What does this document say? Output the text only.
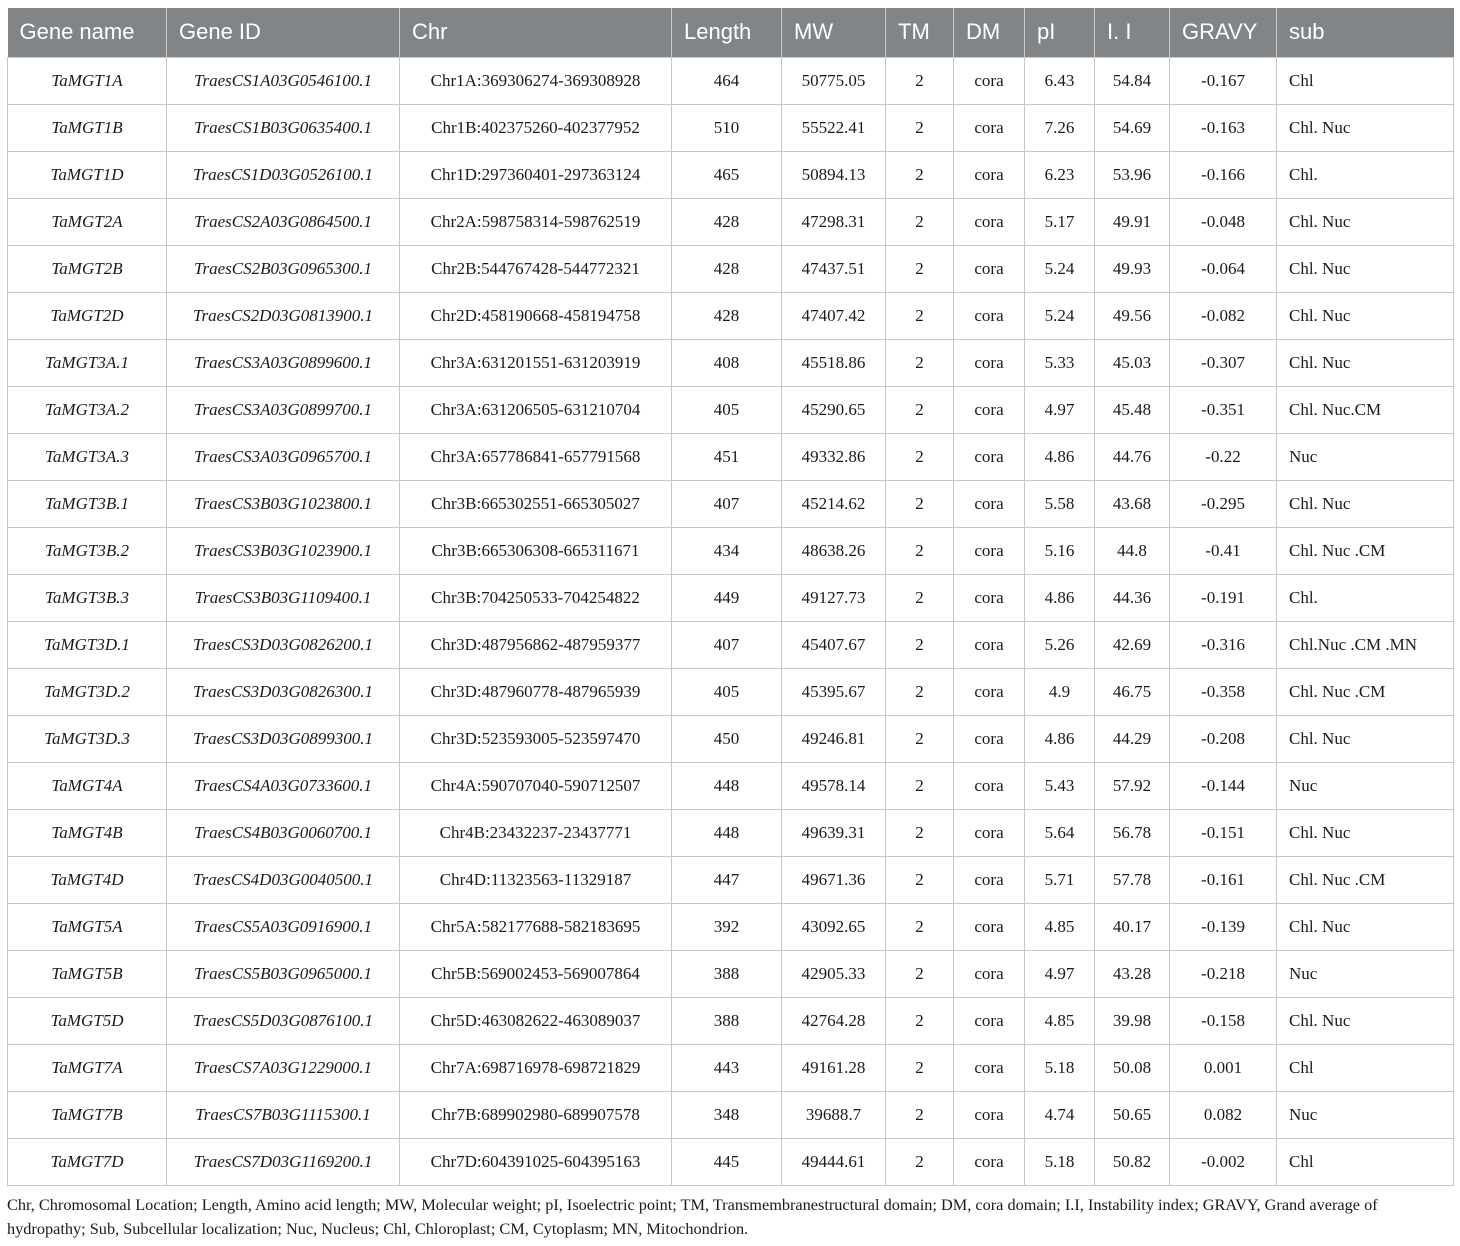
Gene name	Gene ID	Chr	Length	MW	TM	DM	pI	I. I	GRAVY	sub
TaMGT1A	TraesCS1A03G0546100.1	Chr1A:369306274-369308928	464	50775.05	2	cora	6.43	54.84	-0.167	Chl
TaMGT1B	TraesCS1B03G0635400.1	Chr1B:402375260-402377952	510	55522.41	2	cora	7.26	54.69	-0.163	Chl. Nuc
TaMGT1D	TraesCS1D03G0526100.1	Chr1D:297360401-297363124	465	50894.13	2	cora	6.23	53.96	-0.166	Chl.
TaMGT2A	TraesCS2A03G0864500.1	Chr2A:598758314-598762519	428	47298.31	2	cora	5.17	49.91	-0.048	Chl. Nuc
TaMGT2B	TraesCS2B03G0965300.1	Chr2B:544767428-544772321	428	47437.51	2	cora	5.24	49.93	-0.064	Chl. Nuc
TaMGT2D	TraesCS2D03G0813900.1	Chr2D:458190668-458194758	428	47407.42	2	cora	5.24	49.56	-0.082	Chl. Nuc
TaMGT3A.1	TraesCS3A03G0899600.1	Chr3A:631201551-631203919	408	45518.86	2	cora	5.33	45.03	-0.307	Chl. Nuc
TaMGT3A.2	TraesCS3A03G0899700.1	Chr3A:631206505-631210704	405	45290.65	2	cora	4.97	45.48	-0.351	Chl. Nuc.CM
TaMGT3A.3	TraesCS3A03G0965700.1	Chr3A:657786841-657791568	451	49332.86	2	cora	4.86	44.76	-0.22	Nuc
TaMGT3B.1	TraesCS3B03G1023800.1	Chr3B:665302551-665305027	407	45214.62	2	cora	5.58	43.68	-0.295	Chl. Nuc
TaMGT3B.2	TraesCS3B03G1023900.1	Chr3B:665306308-665311671	434	48638.26	2	cora	5.16	44.8	-0.41	Chl. Nuc .CM
TaMGT3B.3	TraesCS3B03G1109400.1	Chr3B:704250533-704254822	449	49127.73	2	cora	4.86	44.36	-0.191	Chl.
TaMGT3D.1	TraesCS3D03G0826200.1	Chr3D:487956862-487959377	407	45407.67	2	cora	5.26	42.69	-0.316	Chl.Nuc .CM .MN
TaMGT3D.2	TraesCS3D03G0826300.1	Chr3D:487960778-487965939	405	45395.67	2	cora	4.9	46.75	-0.358	Chl. Nuc .CM
TaMGT3D.3	TraesCS3D03G0899300.1	Chr3D:523593005-523597470	450	49246.81	2	cora	4.86	44.29	-0.208	Chl. Nuc
TaMGT4A	TraesCS4A03G0733600.1	Chr4A:590707040-590712507	448	49578.14	2	cora	5.43	57.92	-0.144	Nuc
TaMGT4B	TraesCS4B03G0060700.1	Chr4B:23432237-23437771	448	49639.31	2	cora	5.64	56.78	-0.151	Chl. Nuc
TaMGT4D	TraesCS4D03G0040500.1	Chr4D:11323563-11329187	447	49671.36	2	cora	5.71	57.78	-0.161	Chl. Nuc .CM
TaMGT5A	TraesCS5A03G0916900.1	Chr5A:582177688-582183695	392	43092.65	2	cora	4.85	40.17	-0.139	Chl. Nuc
TaMGT5B	TraesCS5B03G0965000.1	Chr5B:569002453-569007864	388	42905.33	2	cora	4.97	43.28	-0.218	Nuc
TaMGT5D	TraesCS5D03G0876100.1	Chr5D:463082622-463089037	388	42764.28	2	cora	4.85	39.98	-0.158	Chl. Nuc
TaMGT7A	TraesCS7A03G1229000.1	Chr7A:698716978-698721829	443	49161.28	2	cora	5.18	50.08	0.001	Chl
TaMGT7B	TraesCS7B03G1115300.1	Chr7B:689902980-689907578	348	39688.7	2	cora	4.74	50.65	0.082	Nuc
TaMGT7D	TraesCS7D03G1169200.1	Chr7D:604391025-604395163	445	49444.61	2	cora	5.18	50.82	-0.002	Chl
Chr, Chromosomal Location; Length, Amino acid length; MW, Molecular weight; pI, Isoelectric point; TM, Transmembranestructural domain; DM, cora domain; I.I, Instability index; GRAVY, Grand average of hydropathy; Sub, Subcellular localization; Nuc, Nucleus; Chl, Chloroplast; CM, Cytoplasm; MN, Mitochondrion.
